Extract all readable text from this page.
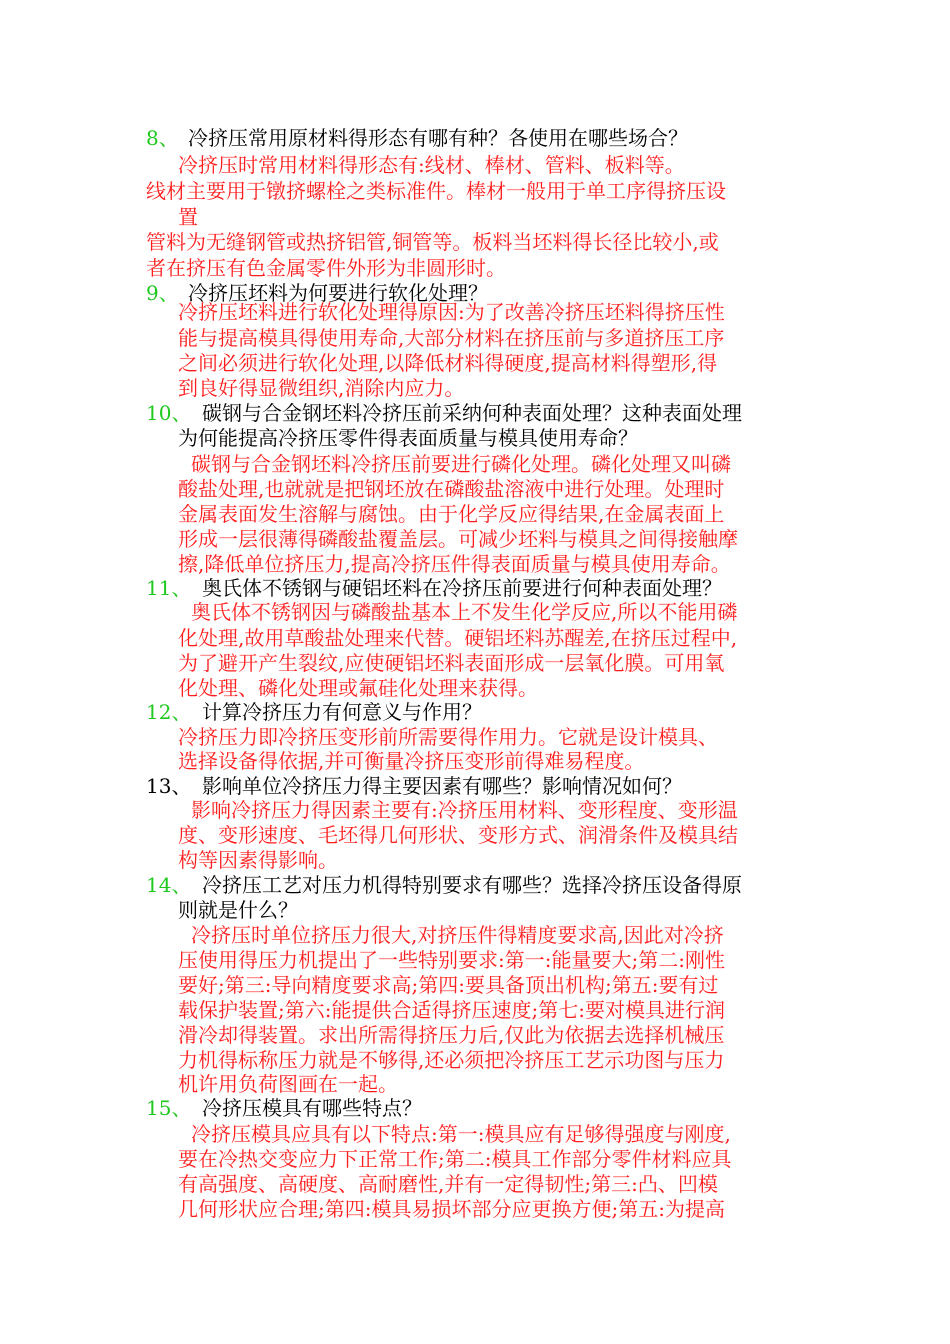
8、 冷挤压常用原材料得形态有哪有种？各使用在哪些场合？
冷挤压时常用材料得形态有:线材、棒材、管料、板料等。
线材主要用于镦挤螺栓之类标准件。棒材一般用于单工序得挤压设
置
管料为无缝钢管或热挤铝管,铜管等。板料当坯料得长径比较小,或
者在挤压有色金属零件外形为非圆形时。
9、 冷挤压坯料为何要进行软化处理？
冷挤压坯料进行软化处理得原因:为了改善冷挤压坯料得挤压性
能与提高模具得使用寿命,大部分材料在挤压前与多道挤压工序
之间必须进行软化处理,以降低材料得硬度,提高材料得塑形,得
到良好得显微组织,消除内应力。
10、 碳钢与合金钢坯料冷挤压前采纳何种表面处理？这种表面处理
为何能提高冷挤压零件得表面质量与模具使用寿命？
碳钢与合金钢坯料冷挤压前要进行磷化处理。磷化处理又叫磷
酸盐处理,也就就是把钢坯放在磷酸盐溶液中进行处理。处理时
金属表面发生溶解与腐蚀。由于化学反应得结果,在金属表面上
形成一层很薄得磷酸盐覆盖层。可减少坯料与模具之间得接触摩
擦,降低单位挤压力,提高冷挤压件得表面质量与模具使用寿命。
11、 奥氏体不锈钢与硬铝坯料在冷挤压前要进行何种表面处理？
奥氏体不锈钢因与磷酸盐基本上不发生化学反应,所以不能用磷
化处理,故用草酸盐处理来代替。硬铝坯料苏醒差,在挤压过程中,
为了避开产生裂纹,应使硬铝坯料表面形成一层氧化膜。可用氧
化处理、磷化处理或氟硅化处理来获得。
12、 计算冷挤压力有何意义与作用？
冷挤压力即冷挤压变形前所需要得作用力。它就是设计模具、
选择设备得依据,并可衡量冷挤压变形前得难易程度。
13、 影响单位冷挤压力得主要因素有哪些？影响情况如何？
影响冷挤压力得因素主要有:冷挤压用材料、变形程度、变形温
度、变形速度、毛坯得几何形状、变形方式、润滑条件及模具结
构等因素得影响。
14、 冷挤压工艺对压力机得特别要求有哪些？选择冷挤压设备得原
则就是什么？
冷挤压时单位挤压力很大,对挤压件得精度要求高,因此对冷挤
压使用得压力机提出了一些特别要求:第一:能量要大;第二:刚性
要好;第三:导向精度要求高;第四:要具备顶出机构;第五:要有过
载保护装置;第六:能提供合适得挤压速度;第七:要对模具进行润
滑冷却得装置。求出所需得挤压力后,仅此为依据去选择机械压
力机得标称压力就是不够得,还必须把冷挤压工艺示功图与压力
机许用负荷图画在一起。
15、 冷挤压模具有哪些特点？
冷挤压模具应具有以下特点:第一:模具应有足够得强度与刚度,
要在冷热交变应力下正常工作;第二:模具工作部分零件材料应具
有高强度、高硬度、高耐磨性,并有一定得韧性;第三:凸、凹模
几何形状应合理;第四:模具易损坏部分应更换方便;第五:为提高
